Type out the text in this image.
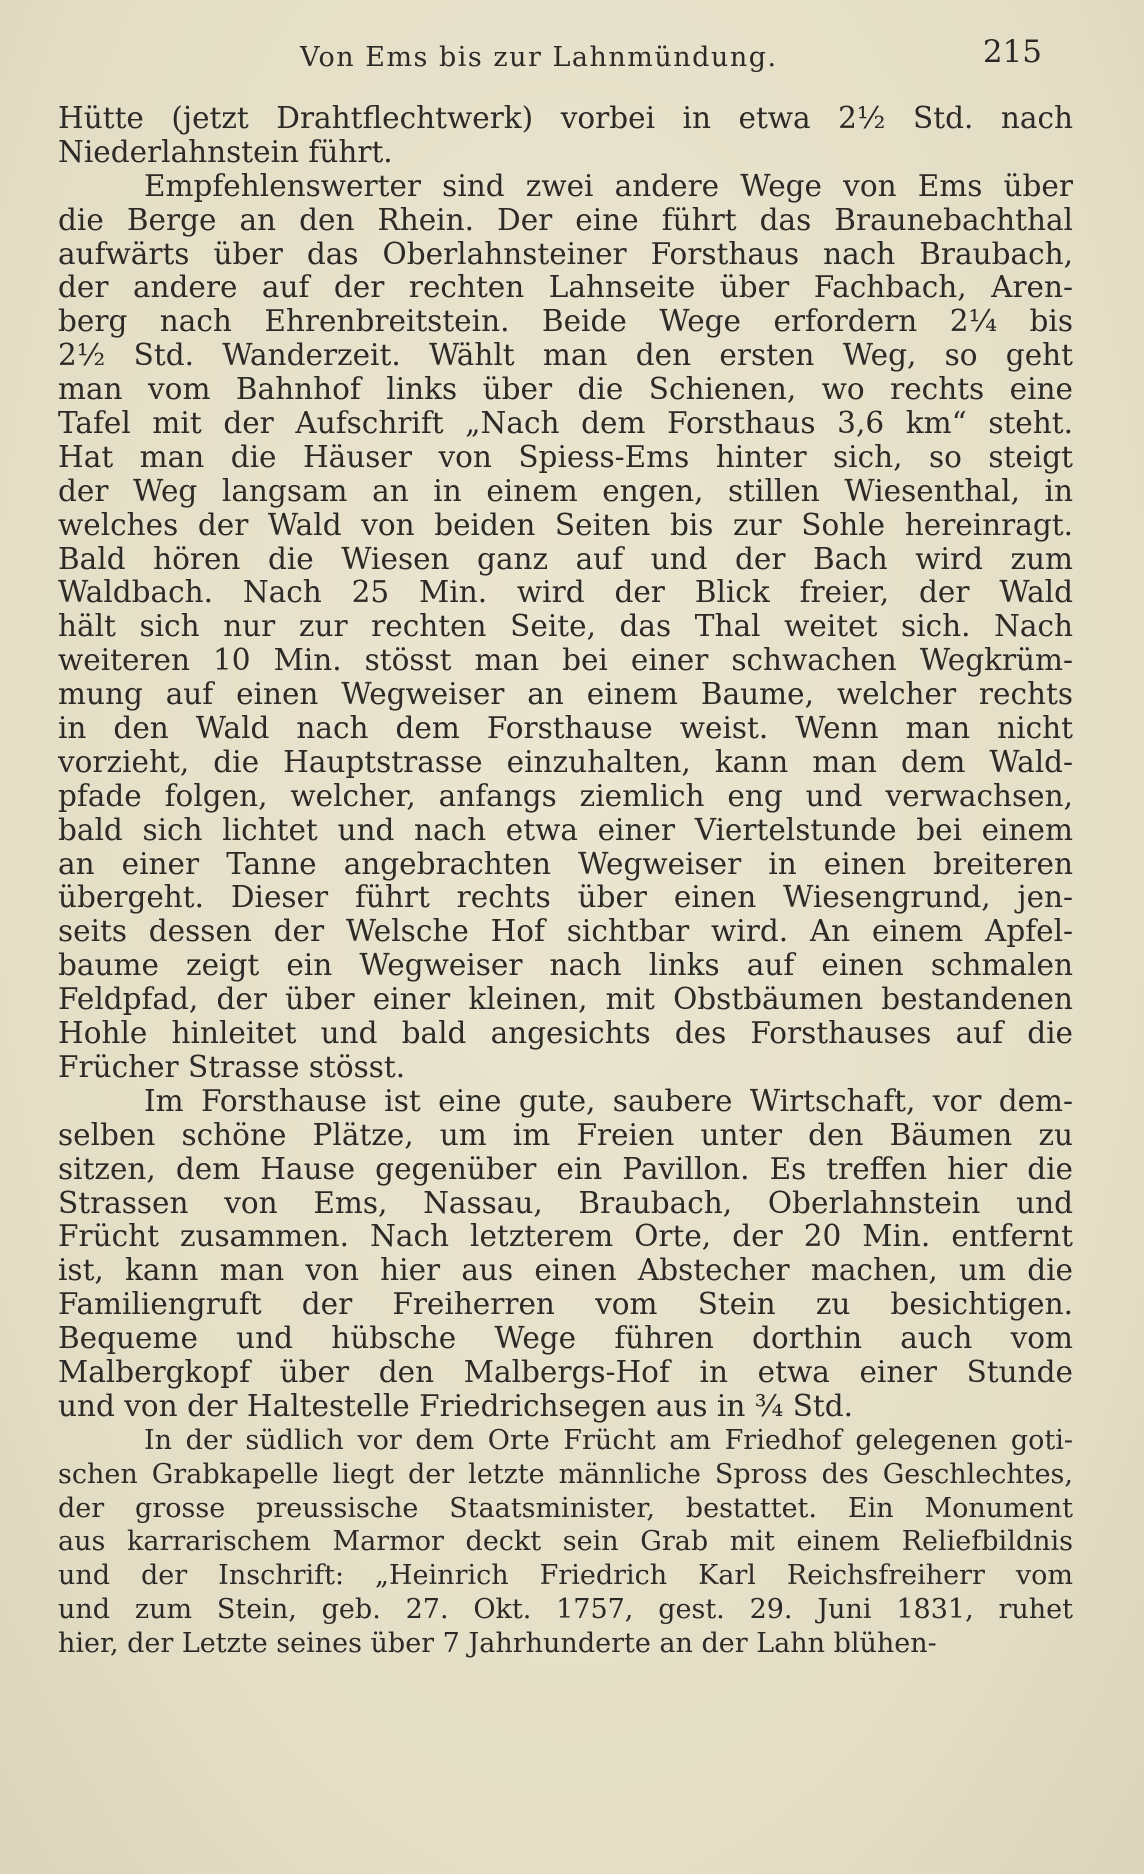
Von Ems bis zur Lahnmündung.	215
Hütte (jetzt Drahtflechtwerk) vorbei in etwa 2½ Std. nach
Niederlahnstein führt.
Empfehlenswerter sind zwei andere Wege von Ems über
die Berge an den Rhein. Der eine führt das Braunebachthal
aufwärts über das Oberlahnsteiner Forsthaus nach Braubach,
der andere auf der rechten Lahnseite über Fachbach, Aren-
berg nach Ehrenbreitstein. Beide Wege erfordern 2¼ bis
2½ Std. Wanderzeit. Wählt man den ersten Weg, so geht
man vom Bahnhof links über die Schienen, wo rechts eine
Tafel mit der Aufschrift „Nach dem Forsthaus 3,6 km“ steht.
Hat man die Häuser von Spiess-Ems hinter sich, so steigt
der Weg langsam an in einem engen, stillen Wiesenthal, in
welches der Wald von beiden Seiten bis zur Sohle hereinragt.
Bald hören die Wiesen ganz auf und der Bach wird zum
Waldbach. Nach 25 Min. wird der Blick freier, der Wald
hält sich nur zur rechten Seite, das Thal weitet sich. Nach
weiteren 10 Min. stösst man bei einer schwachen Wegkrüm-
mung auf einen Wegweiser an einem Baume, welcher rechts
in den Wald nach dem Forsthause weist. Wenn man nicht
vorzieht, die Hauptstrasse einzuhalten, kann man dem Wald-
pfade folgen, welcher, anfangs ziemlich eng und verwachsen,
bald sich lichtet und nach etwa einer Viertelstunde bei einem
an einer Tanne angebrachten Wegweiser in einen breiteren
übergeht. Dieser führt rechts über einen Wiesengrund, jen-
seits dessen der Welsche Hof sichtbar wird. An einem Apfel-
baume zeigt ein Wegweiser nach links auf einen schmalen
Feldpfad, der über einer kleinen, mit Obstbäumen bestandenen
Hohle hinleitet und bald angesichts des Forsthauses auf die
Frücher Strasse stösst.
Im Forsthause ist eine gute, saubere Wirtschaft, vor dem-
selben schöne Plätze, um im Freien unter den Bäumen zu
sitzen, dem Hause gegenüber ein Pavillon. Es treffen hier die
Strassen von Ems, Nassau, Braubach, Oberlahnstein und
Frücht zusammen. Nach letzterem Orte, der 20 Min. entfernt
ist, kann man von hier aus einen Abstecher machen, um die
Familiengruft der Freiherren vom Stein zu besichtigen.
Bequeme und hübsche Wege führen dorthin auch vom
Malbergkopf über den Malbergs-Hof in etwa einer Stunde
und von der Haltestelle Friedrichsegen aus in ¾ Std.
In der südlich vor dem Orte Frücht am Friedhof gelegenen goti-
schen Grabkapelle liegt der letzte männliche Spross des Geschlechtes,
der grosse preussische Staatsminister, bestattet. Ein Monument
aus karrarischem Marmor deckt sein Grab mit einem Reliefbildnis
und der Inschrift: „Heinrich Friedrich Karl Reichsfreiherr vom
und zum Stein, geb. 27. Okt. 1757, gest. 29. Juni 1831, ruhet
hier, der Letzte seines über 7 Jahrhunderte an der Lahn blühen-
